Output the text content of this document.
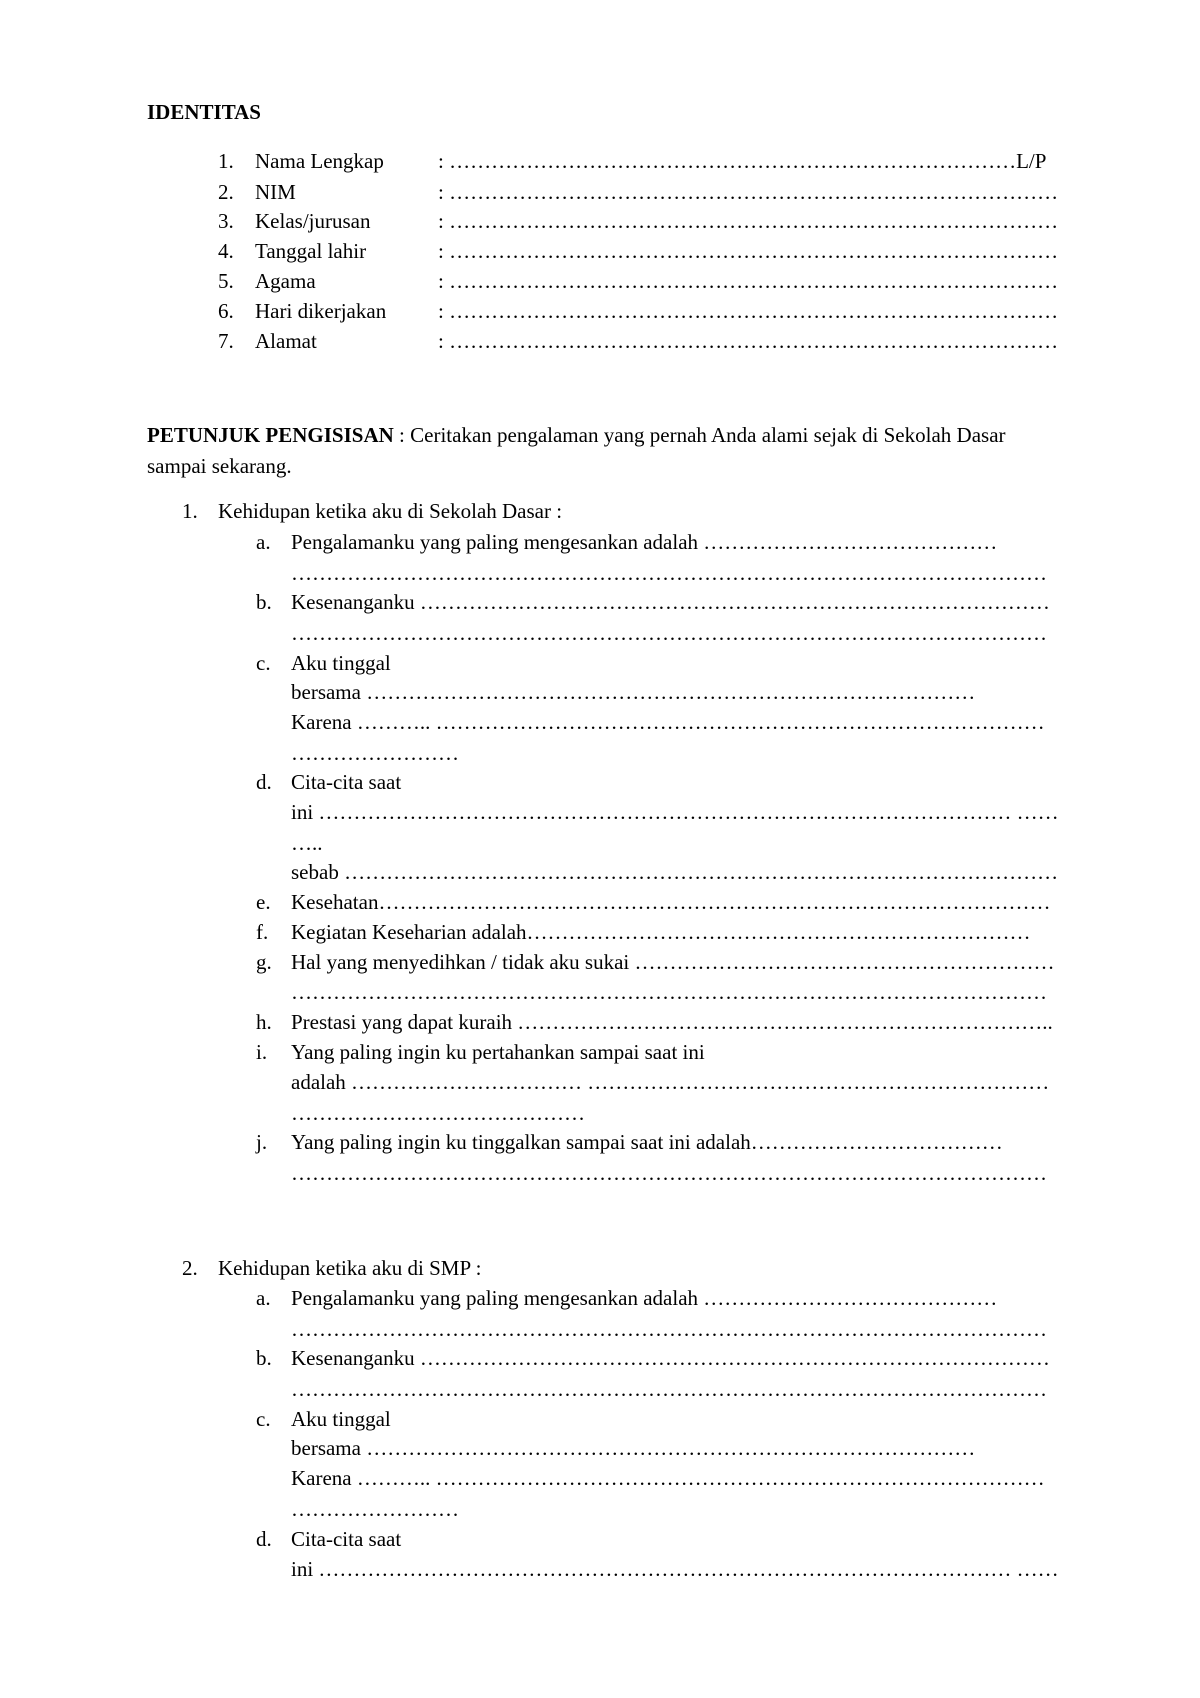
IDENTITAS
1. Nama Lengkap	: ………………………………………………………………………L/P
2. NIM	: ……………………………………………………………………………
3. Kelas/jurusan	: ……………………………………………………………………………
4. Tanggal lahir	: ……………………………………………………………………………
5. Agama	: ……………………………………………………………………………
6. Hari dikerjakan : ……………………………………………………………………………
7. Alamat	: ……………………………………………………………………………
PETUNJUK PENGISISAN : Ceritakan pengalaman yang pernah Anda alami sejak di Sekolah Dasar sampai sekarang.
1. Kehidupan ketika aku di Sekolah Dasar :
a. Pengalamanku yang paling mengesankan adalah ……………………………………
………………………………………………………………………………………………
b. Kesenanganku ………………………………………………………………………………
………………………………………………………………………………………………
c. Aku tinggal
bersama ……………………………………………………………………………
Karena ……….. ……………………………………………………………………………
……………………
d. Cita-cita saat
ini ……………………………………………………………………………………… ……
…..
sebab …………………………………………………………………………………………
e. Kesehatan……………………………………………………………………………………
f. Kegiatan Keseharian adalah………………………………………………………………
g. Hal yang menyedihkan / tidak aku sukai ……………………………………………………
………………………………………………………………………………………………
h. Prestasi yang dapat kuraih …………………………………………………………………..
i. Yang paling ingin ku pertahankan sampai saat ini
adalah …………………………… …………………………………………………………
……………………………………
j. Yang paling ingin ku tinggalkan sampai saat ini adalah………………………………
………………………………………………………………………………………………
2. Kehidupan ketika aku di SMP :
a. Pengalamanku yang paling mengesankan adalah ……………………………………
………………………………………………………………………………………………
b. Kesenanganku ………………………………………………………………………………
………………………………………………………………………………………………
c. Aku tinggal
bersama ……………………………………………………………………………
Karena ……….. ……………………………………………………………………………
……………………
d. Cita-cita saat
ini ……………………………………………………………………………………… ……
